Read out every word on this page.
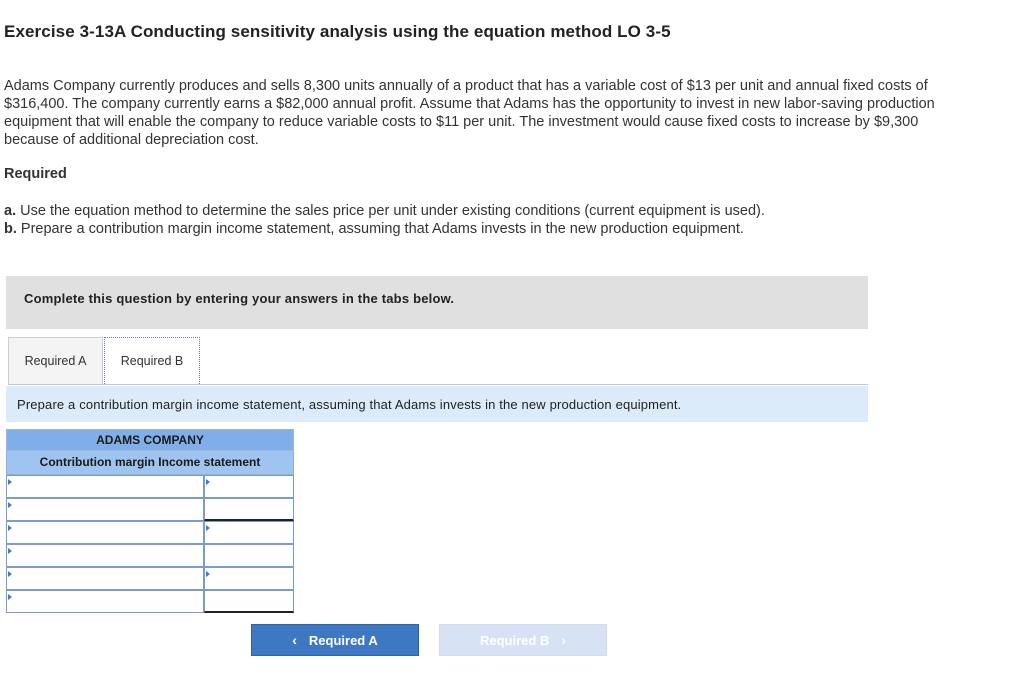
Exercise 3-13A Conducting sensitivity analysis using the equation method LO 3-5

Adams Company currently produces and sells 8,300 units annually of a product that has a variable cost of $13 per unit and annual fixed costs of $316,400. The company currently earns a $82,000 annual profit. Assume that Adams has the opportunity to invest in new labor-saving production equipment that will enable the company to reduce variable costs to $11 per unit. The investment would cause fixed costs to increase by $9,300 because of additional depreciation cost.

Required
a. Use the equation method to determine the sales price per unit under existing conditions (current equipment is used).
b. Prepare a contribution margin income statement, assuming that Adams invests in the new production equipment.
Complete this question by entering your answers in the tabs below.
Required A	Required B
Prepare a contribution margin income statement, assuming that Adams invests in the new production equipment.
ADAMS COMPANY
Contribution margin Income statement
‹ Required A	Required B ›
